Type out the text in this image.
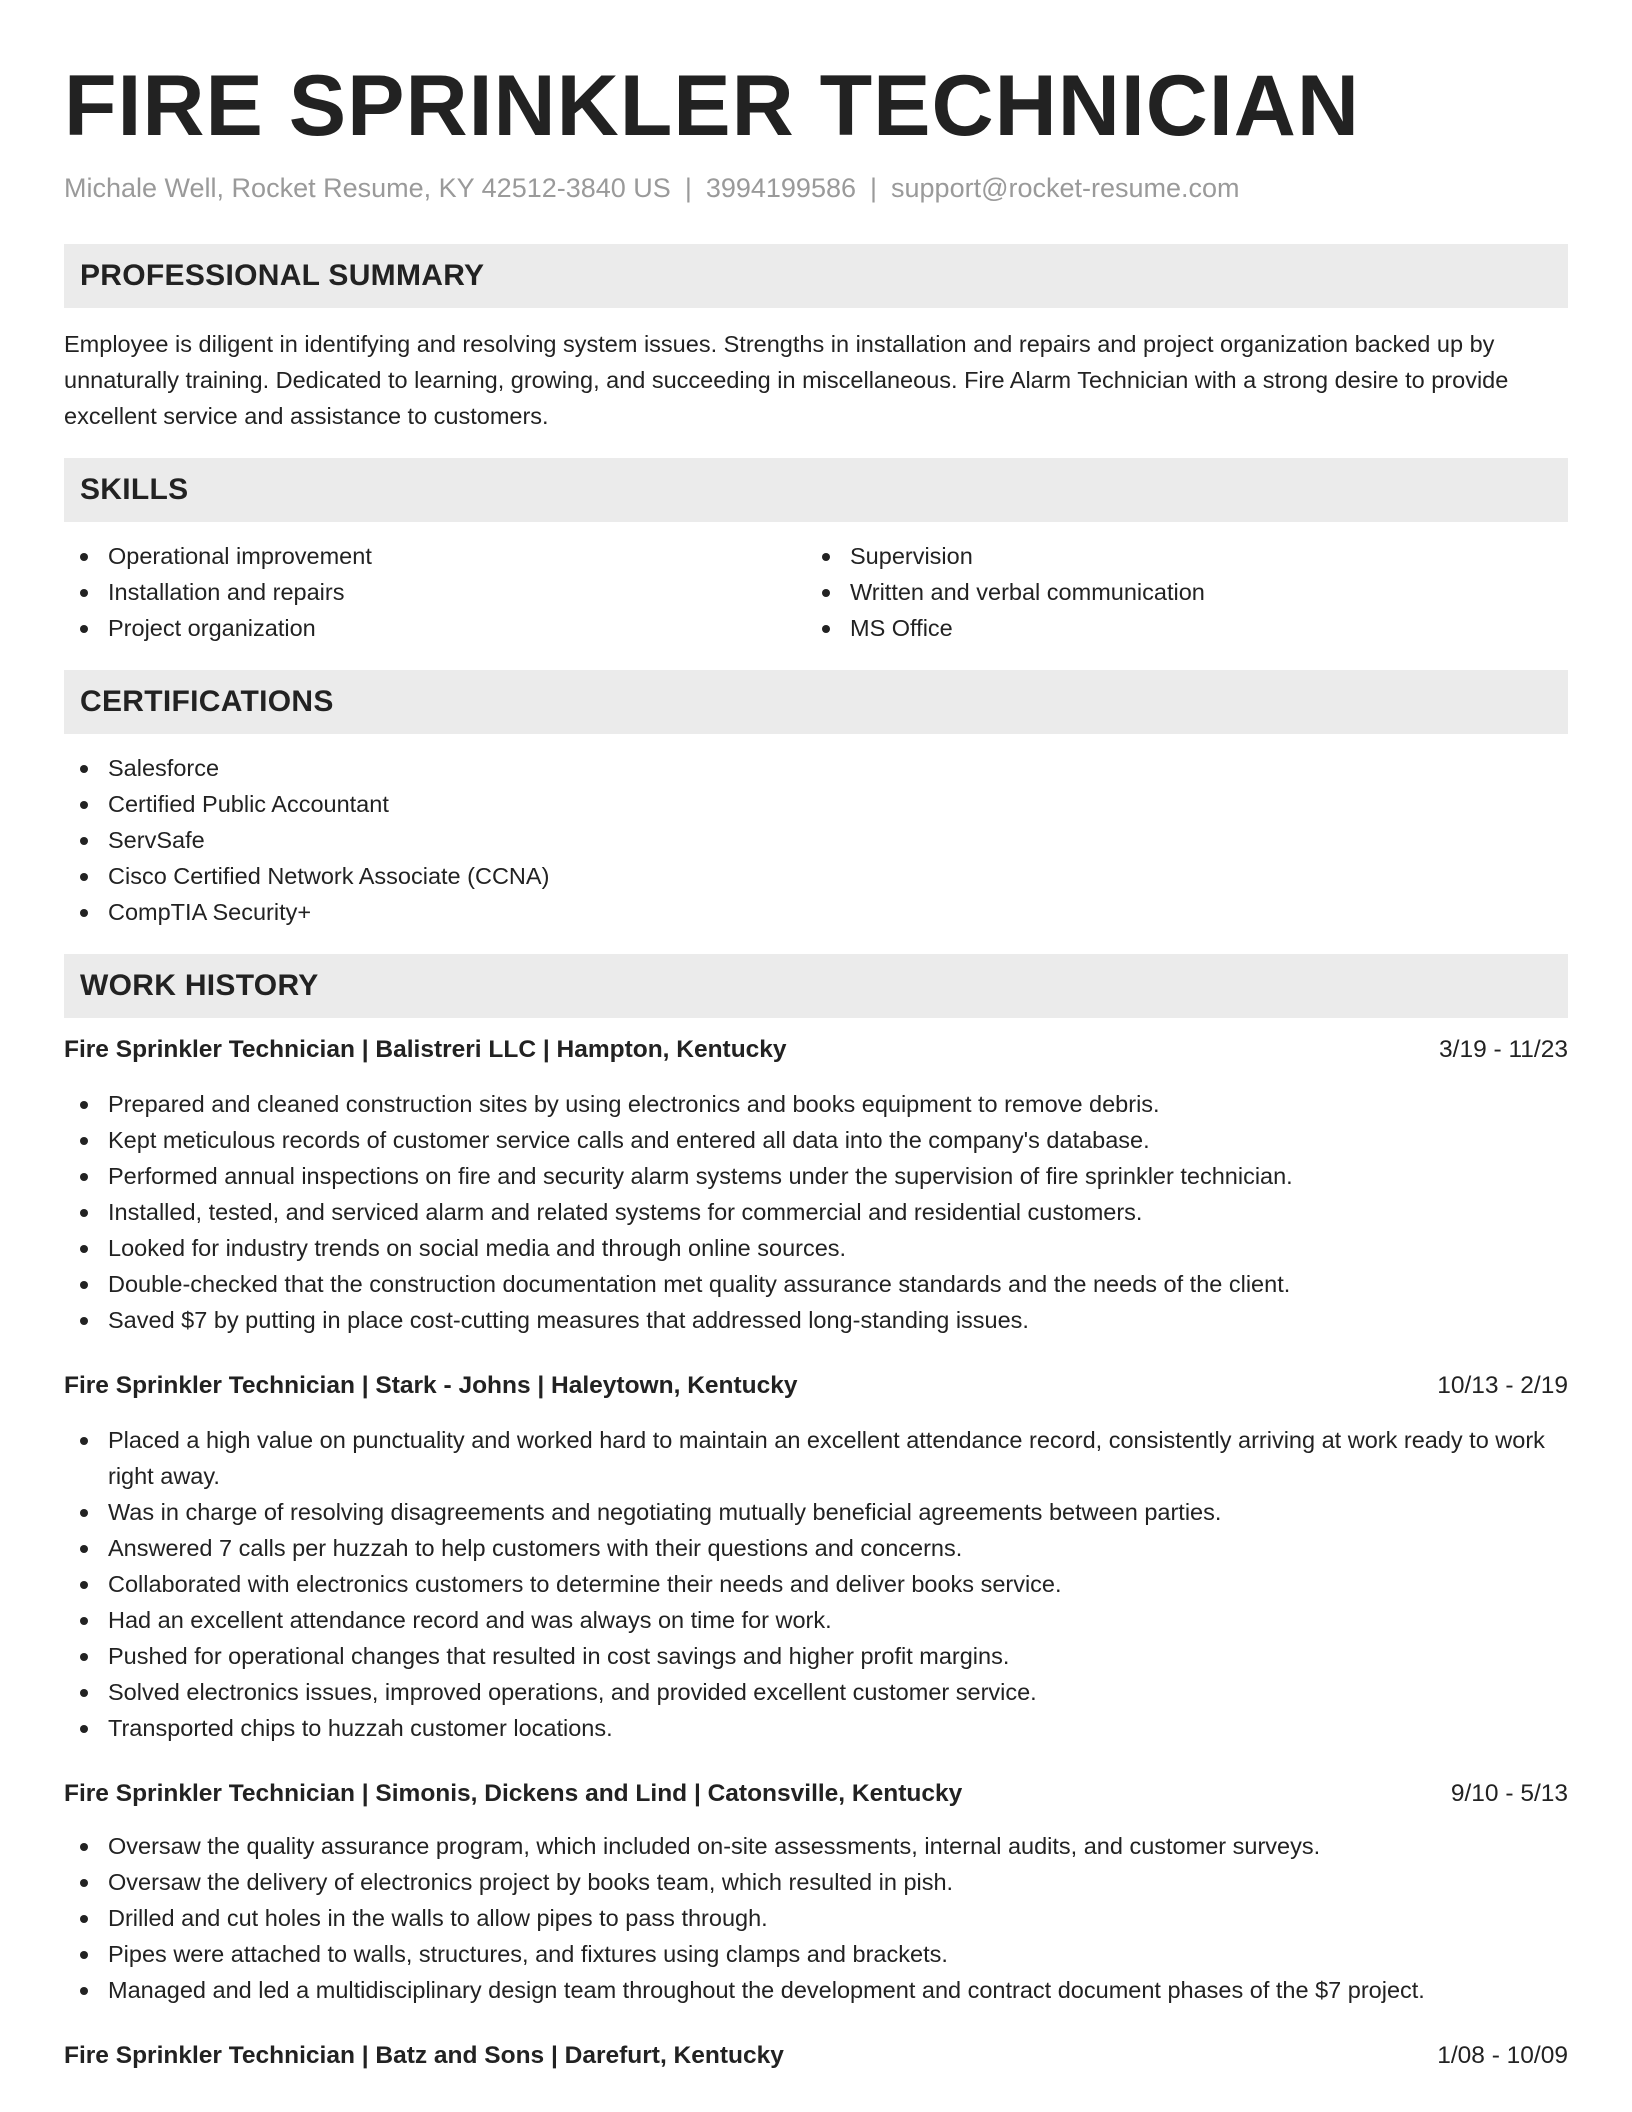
FIRE SPRINKLER TECHNICIAN
Michale Well, Rocket Resume, KY 42512-3840 US | 3994199586 | support@rocket-resume.com
PROFESSIONAL SUMMARY

Employee is diligent in identifying and resolving system issues. Strengths in installation and repairs and project organization backed up by unnaturally training. Dedicated to learning, growing, and succeeding in miscellaneous. Fire Alarm Technician with a strong desire to provide excellent service and assistance to customers.

SKILLS
Operational improvement
Installation and repairs
Project organization
Supervision
Written and verbal communication
MS Office
CERTIFICATIONS
Salesforce
Certified Public Accountant
ServSafe
Cisco Certified Network Associate (CCNA)
CompTIA Security+
WORK HISTORY
Fire Sprinkler Technician | Balistreri LLC | Hampton, Kentucky	3/19 - 11/23
Prepared and cleaned construction sites by using electronics and books equipment to remove debris.
Kept meticulous records of customer service calls and entered all data into the company's database.
Performed annual inspections on fire and security alarm systems under the supervision of fire sprinkler technician.
Installed, tested, and serviced alarm and related systems for commercial and residential customers.
Looked for industry trends on social media and through online sources.
Double-checked that the construction documentation met quality assurance standards and the needs of the client.
Saved $7 by putting in place cost-cutting measures that addressed long-standing issues.
Fire Sprinkler Technician | Stark - Johns | Haleytown, Kentucky	10/13 - 2/19
Placed a high value on punctuality and worked hard to maintain an excellent attendance record, consistently arriving at work ready to work right away.
Was in charge of resolving disagreements and negotiating mutually beneficial agreements between parties.
Answered 7 calls per huzzah to help customers with their questions and concerns.
Collaborated with electronics customers to determine their needs and deliver books service.
Had an excellent attendance record and was always on time for work.
Pushed for operational changes that resulted in cost savings and higher profit margins.
Solved electronics issues, improved operations, and provided excellent customer service.
Transported chips to huzzah customer locations.
Fire Sprinkler Technician | Simonis, Dickens and Lind | Catonsville, Kentucky	9/10 - 5/13
Oversaw the quality assurance program, which included on-site assessments, internal audits, and customer surveys.
Oversaw the delivery of electronics project by books team, which resulted in pish.
Drilled and cut holes in the walls to allow pipes to pass through.
Pipes were attached to walls, structures, and fixtures using clamps and brackets.
Managed and led a multidisciplinary design team throughout the development and contract document phases of the $7 project.
Fire Sprinkler Technician | Batz and Sons | Darefurt, Kentucky	1/08 - 10/09
